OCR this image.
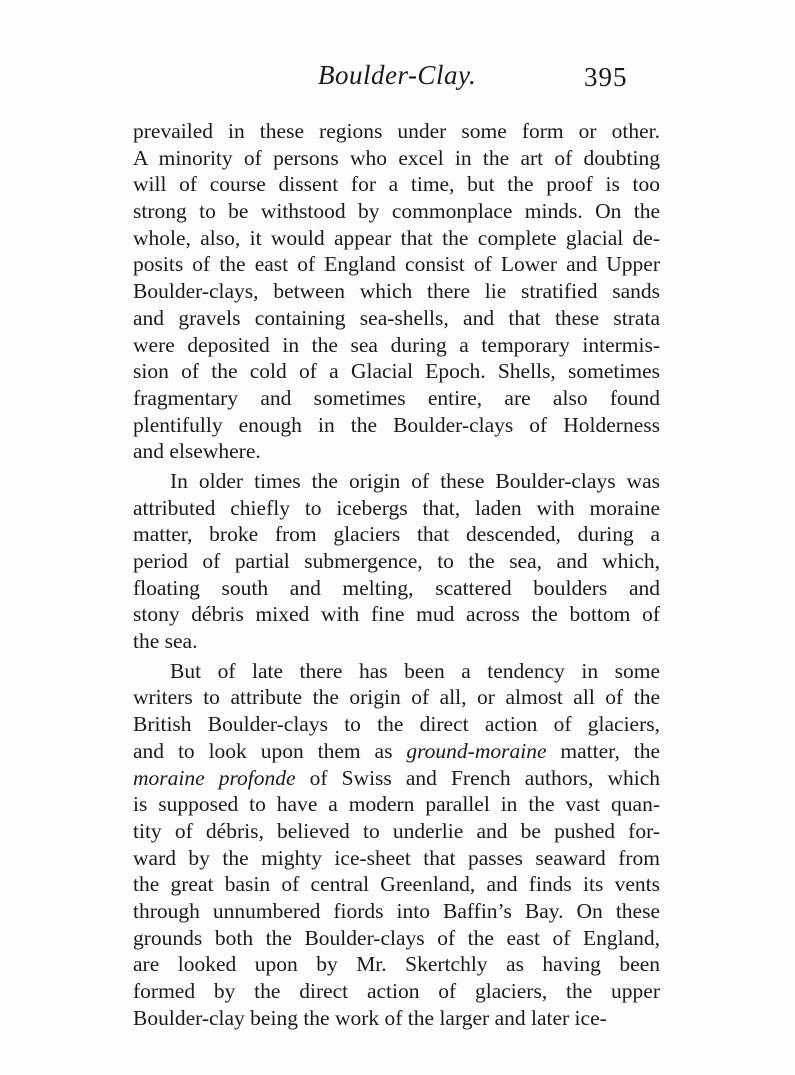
Boulder-Clay.	395
prevailed in these regions under some form or other.
A minority of persons who excel in the art of doubting
will of course dissent for a time, but the proof is too
strong to be withstood by commonplace minds. On the
whole, also, it would appear that the complete glacial de-
posits of the east of England consist of Lower and Upper
Boulder-clays, between which there lie stratified sands
and gravels containing sea-shells, and that these strata
were deposited in the sea during a temporary intermis-
sion of the cold of a Glacial Epoch. Shells, sometimes
fragmentary and sometimes entire, are also found
plentifully enough in the Boulder-clays of Holderness
and elsewhere.
In older times the origin of these Boulder-clays was
attributed chiefly to icebergs that, laden with moraine
matter, broke from glaciers that descended, during a
period of partial submergence, to the sea, and which,
floating south and melting, scattered boulders and
stony débris mixed with fine mud across the bottom of
the sea.
But of late there has been a tendency in some
writers to attribute the origin of all, or almost all of the
British Boulder-clays to the direct action of glaciers,
and to look upon them as ground-moraine matter, the
moraine profonde of Swiss and French authors, which
is supposed to have a modern parallel in the vast quan-
tity of débris, believed to underlie and be pushed for-
ward by the mighty ice-sheet that passes seaward from
the great basin of central Greenland, and finds its vents
through unnumbered fiords into Baffin’s Bay. On these
grounds both the Boulder-clays of the east of England,
are looked upon by Mr. Skertchly as having been
formed by the direct action of glaciers, the upper
Boulder-clay being the work of the larger and later ice-
